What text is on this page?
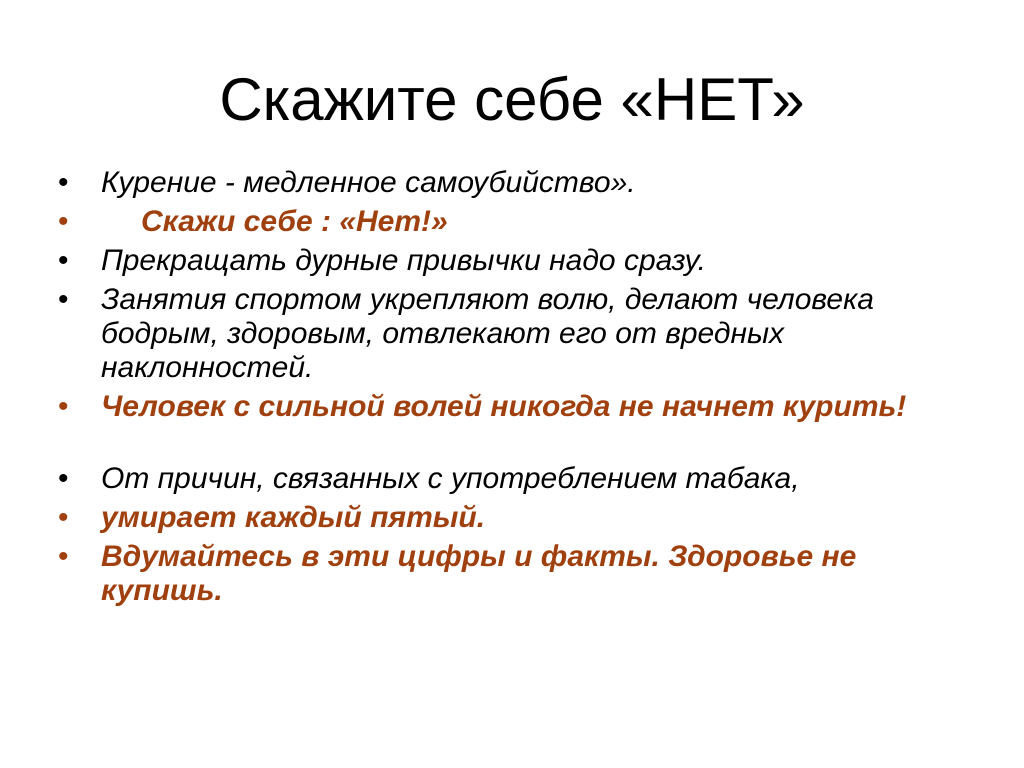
Скажите себе «НЕТ»
• Курение - медленное самоубийство».
• Скажи себе : «Нет!»
• Прекращать дурные привычки надо сразу.
• Занятия спортом укрепляют волю, делают человека бодрым, здоровым, отвлекают его от вредных наклонностей.
• Человек с сильной волей никогда не начнет курить!
• От причин, связанных с употреблением табака,
• умирает каждый пятый.
• Вдумайтесь в эти цифры и факты. Здоровье не купишь.
